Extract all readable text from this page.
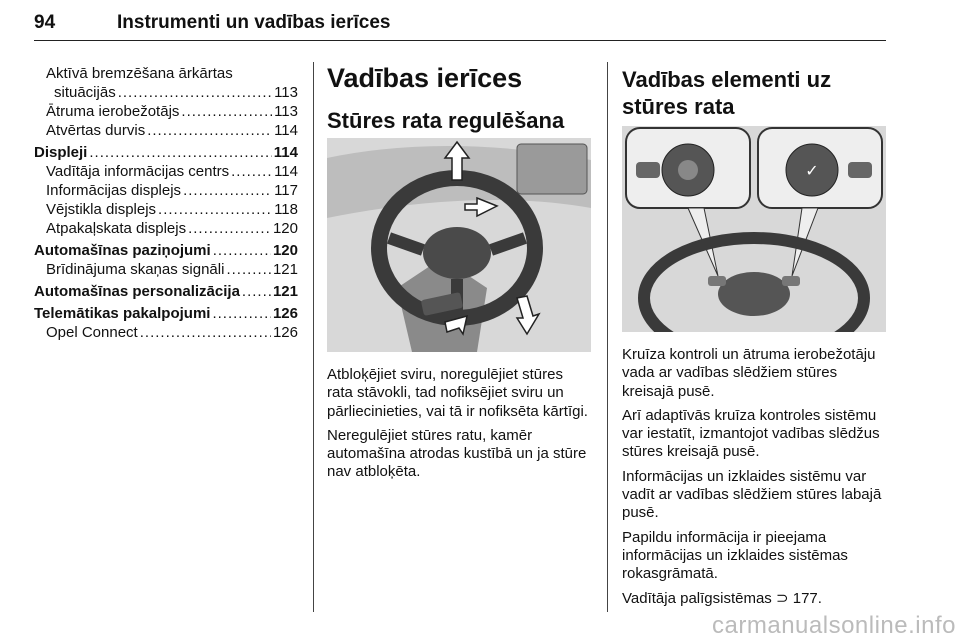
94	Instrumenti un vadības ierīces
Aktīvā bremzēšana ārkārtas
situācijās .....	113
Ātruma ierobežotājs .....	113
Atvērtas durvis .....	114
Displeji .....	114
Vadītāja informācijas centrs .....	114
Informācijas displejs .....	117
Vējstikla displejs .....	118
Atpakaļskata displejs .....	120
Automašīnas paziņojumi .....	120
Brīdinājuma skaņas signāli .....	121
Automašīnas personalizācija ..... 121
Telemātikas pakalpojumi .....	126
Opel Connect .....	126
Vadības ierīces
Stūres rata regulēšana

Atbloķējiet sviru, noregulējiet stūres rata stāvokli, tad nofiksējiet sviru un pārliecinieties, vai tā ir nofiksēta kārtīgi.

Neregulējiet stūres ratu, kamēr automašīna atrodas kustībā un ja stūre nav atbloķēta.

Vadības elementi uz stūres rata
✓

Kruīza kontroli un ātruma ierobežotāju vada ar vadības slēdžiem stūres kreisajā pusē.

Arī adaptīvās kruīza kontroles sistēmu var iestatīt, izmantojot vadības slēdžus stūres kreisajā pusē.

Informācijas un izklaides sistēmu var vadīt ar vadības slēdžiem stūres labajā pusē.

Papildu informācija ir pieejama informācijas un izklaides sistēmas rokasgrāmatā.

Vadītāja palīgsistēmas ⊃ 177.

carmanualsonline.info
